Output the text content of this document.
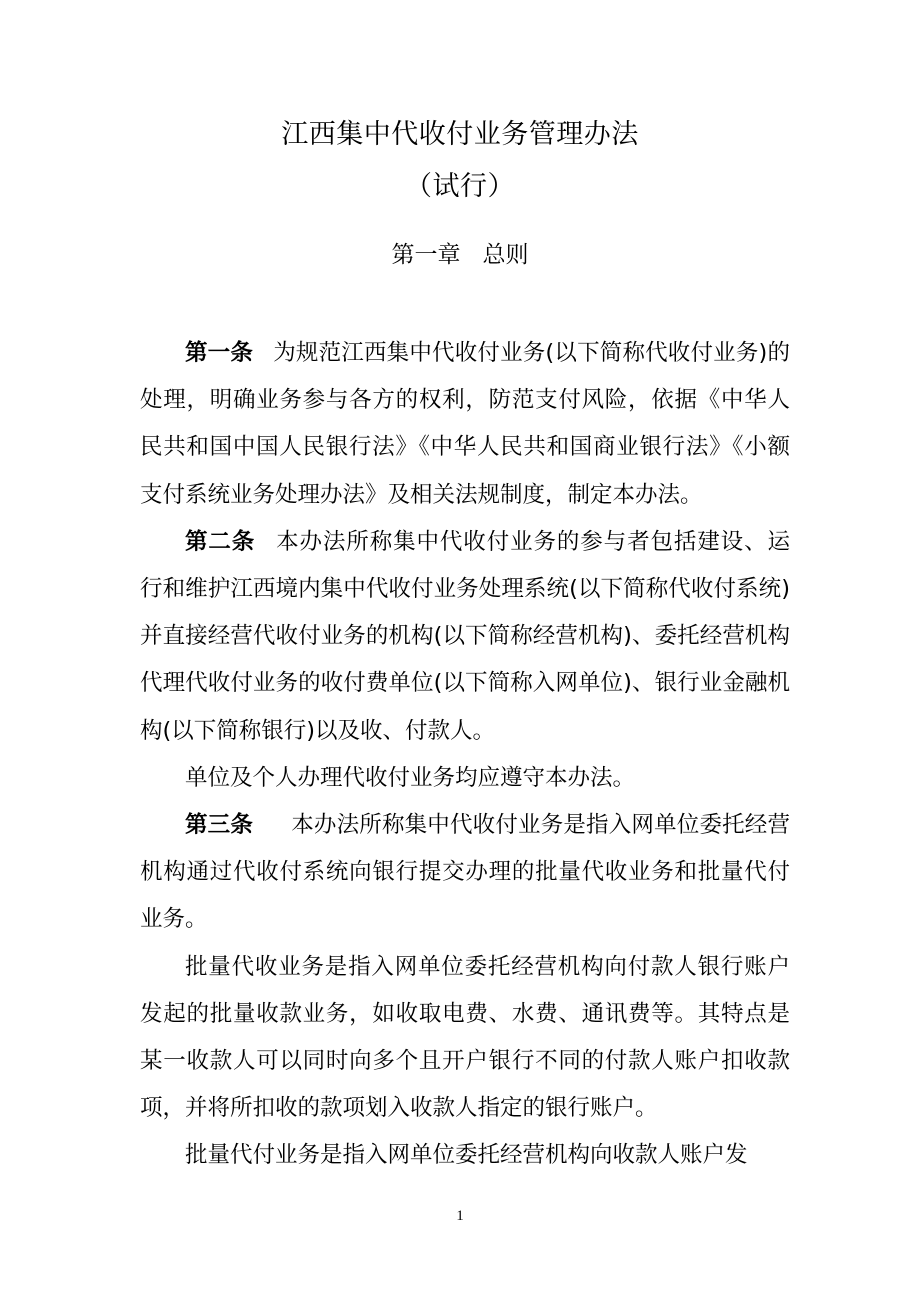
江西集中代收付业务管理办法
（试行）
第一章 总则

第一条 为规范江西集中代收付业务(以下简称代收付业务)的处理，明确业务参与各方的权利，防范支付风险，依据《中华人民共和国中国人民银行法》《中华人民共和国商业银行法》《小额支付系统业务处理办法》及相关法规制度，制定本办法。

第二条 本办法所称集中代收付业务的参与者包括建设、运行和维护江西境内集中代收付业务处理系统(以下简称代收付系统)并直接经营代收付业务的机构(以下简称经营机构)、委托经营机构代理代收付业务的收付费单位(以下简称入网单位)、银行业金融机构(以下简称银行)以及收、付款人。

单位及个人办理代收付业务均应遵守本办法。

第三条 本办法所称集中代收付业务是指入网单位委托经营机构通过代收付系统向银行提交办理的批量代收业务和批量代付业务。

批量代收业务是指入网单位委托经营机构向付款人银行账户发起的批量收款业务，如收取电费、水费、通讯费等。其特点是某一收款人可以同时向多个且开户银行不同的付款人账户扣收款项，并将所扣收的款项划入收款人指定的银行账户。

批量代付业务是指入网单位委托经营机构向收款人账户发

1
